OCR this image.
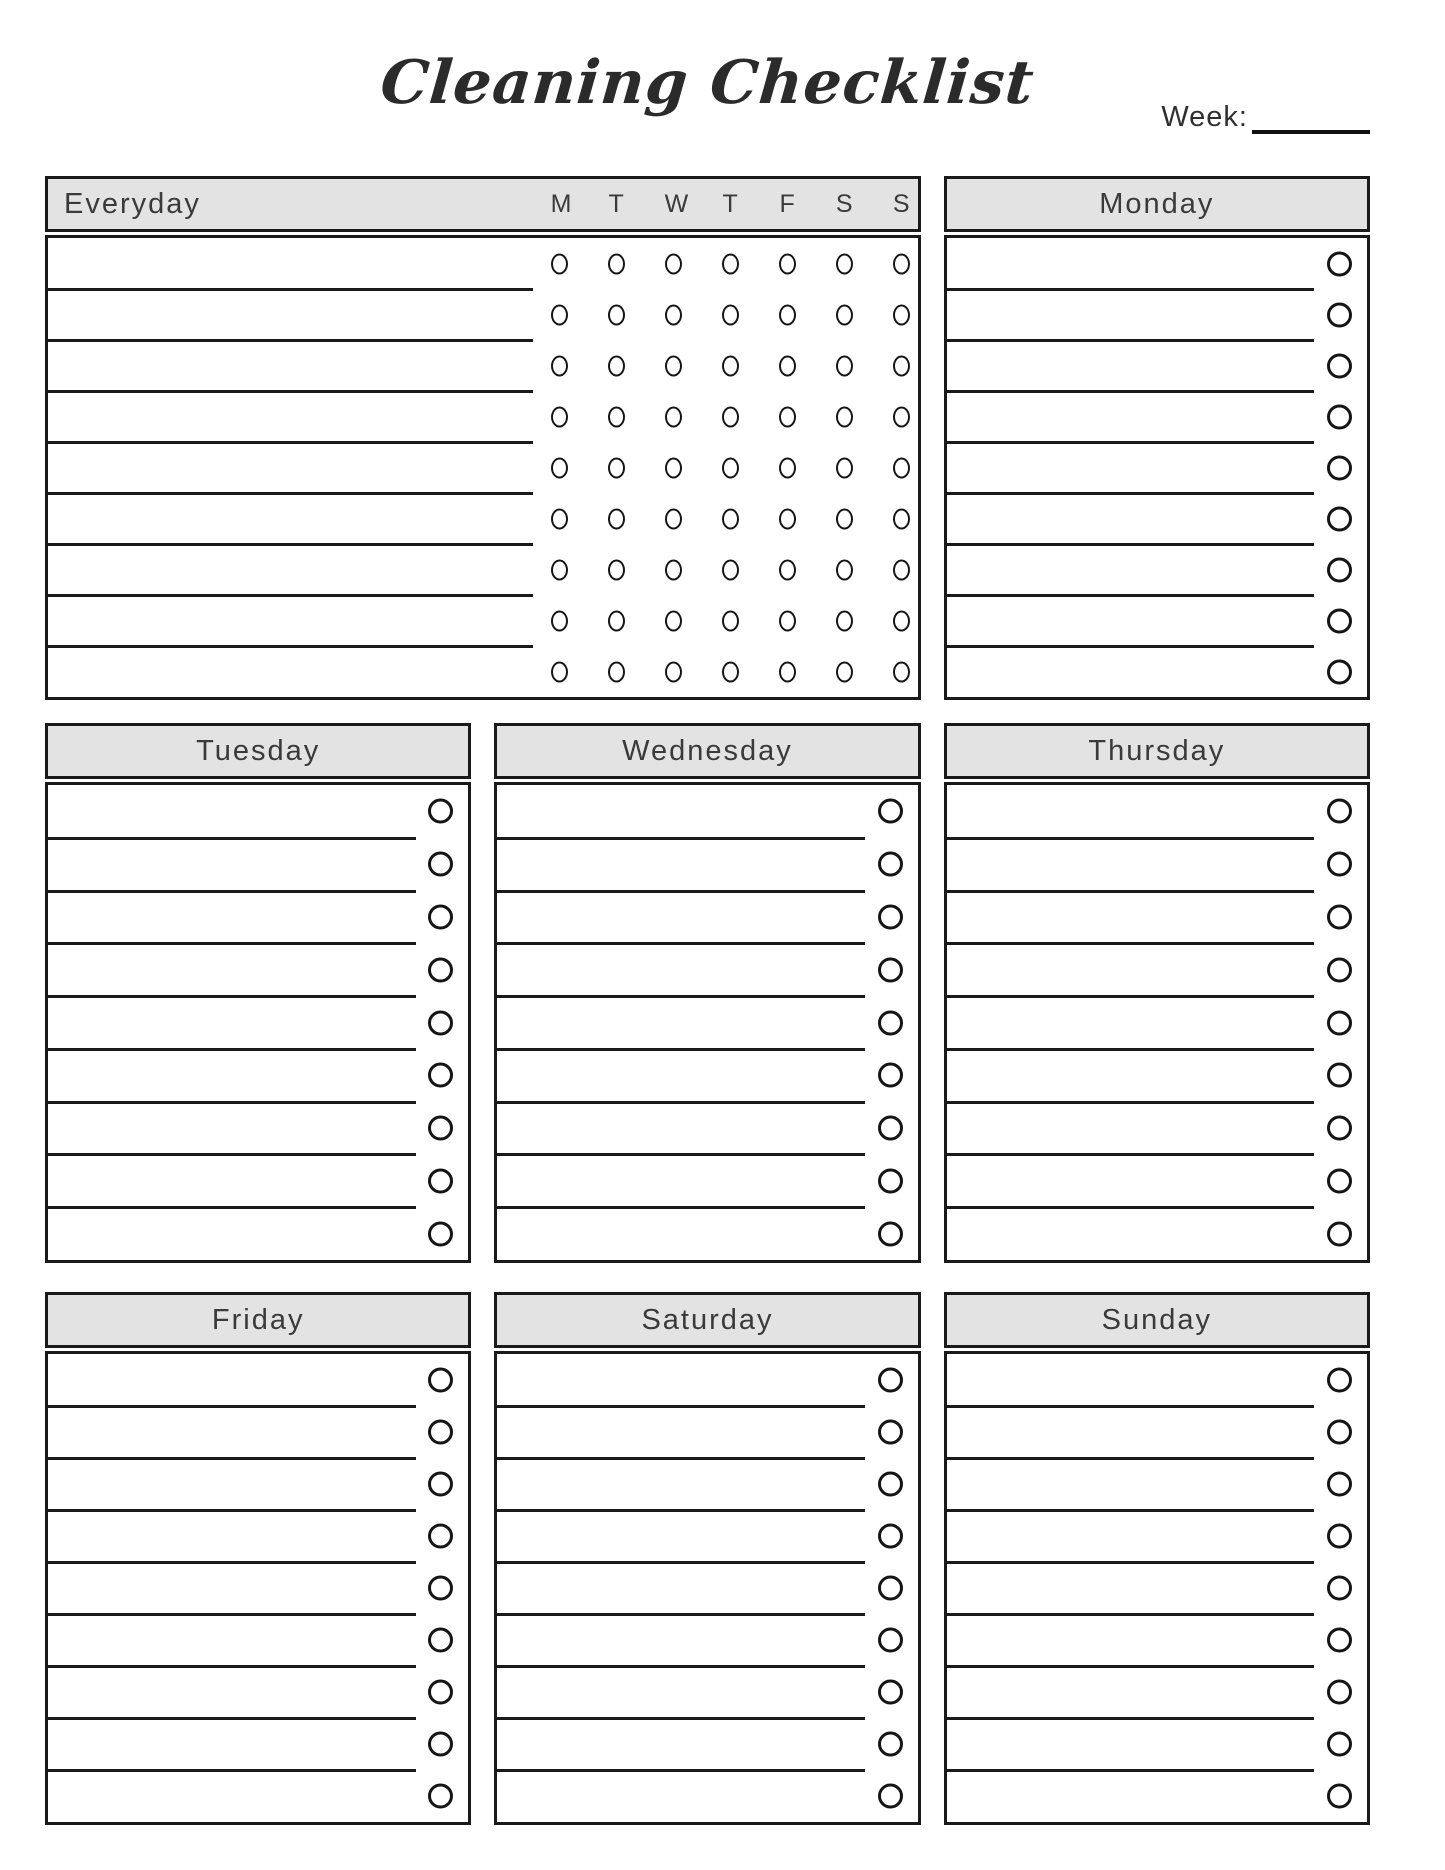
Cleaning Checklist	Week:
Everyday	M T W T F S S	Monday
Tuesday	Wednesday	Thursday
Friday	Saturday	Sunday
